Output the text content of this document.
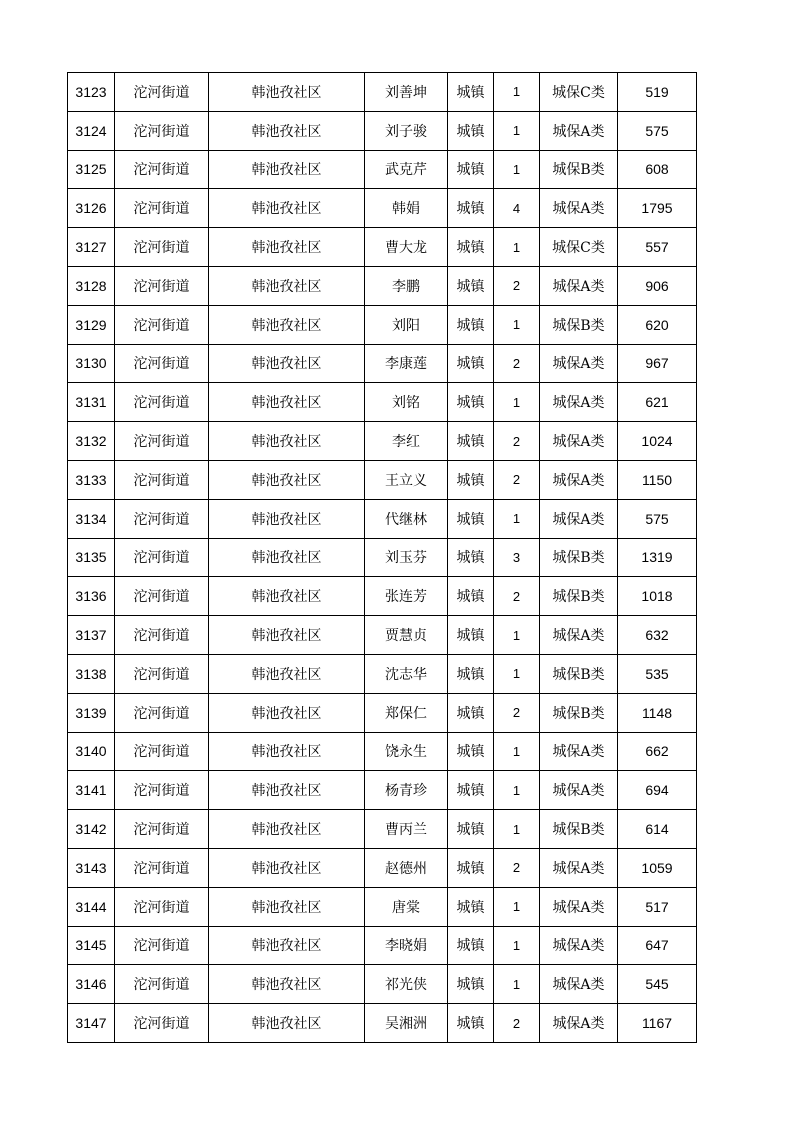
3123	沱河街道	韩池孜社区	刘善坤	城镇	1	城保C类	519
3124	沱河街道	韩池孜社区	刘子骏	城镇	1	城保A类	575
3125	沱河街道	韩池孜社区	武克芹	城镇	1	城保B类	608
3126	沱河街道	韩池孜社区	韩娟	城镇	4	城保A类	1795
3127	沱河街道	韩池孜社区	曹大龙	城镇	1	城保C类	557
3128	沱河街道	韩池孜社区	李鹏	城镇	2	城保A类	906
3129	沱河街道	韩池孜社区	刘阳	城镇	1	城保B类	620
3130	沱河街道	韩池孜社区	李康莲	城镇	2	城保A类	967
3131	沱河街道	韩池孜社区	刘铭	城镇	1	城保A类	621
3132	沱河街道	韩池孜社区	李红	城镇	2	城保A类	1024
3133	沱河街道	韩池孜社区	王立义	城镇	2	城保A类	1150
3134	沱河街道	韩池孜社区	代继林	城镇	1	城保A类	575
3135	沱河街道	韩池孜社区	刘玉芬	城镇	3	城保B类	1319
3136	沱河街道	韩池孜社区	张连芳	城镇	2	城保B类	1018
3137	沱河街道	韩池孜社区	贾慧贞	城镇	1	城保A类	632
3138	沱河街道	韩池孜社区	沈志华	城镇	1	城保B类	535
3139	沱河街道	韩池孜社区	郑保仁	城镇	2	城保B类	1148
3140	沱河街道	韩池孜社区	饶永生	城镇	1	城保A类	662
3141	沱河街道	韩池孜社区	杨青珍	城镇	1	城保A类	694
3142	沱河街道	韩池孜社区	曹丙兰	城镇	1	城保B类	614
3143	沱河街道	韩池孜社区	赵德州	城镇	2	城保A类	1059
3144	沱河街道	韩池孜社区	唐棠	城镇	1	城保A类	517
3145	沱河街道	韩池孜社区	李晓娟	城镇	1	城保A类	647
3146	沱河街道	韩池孜社区	祁光侠	城镇	1	城保A类	545
3147	沱河街道	韩池孜社区	吴湘洲	城镇	2	城保A类	1167
